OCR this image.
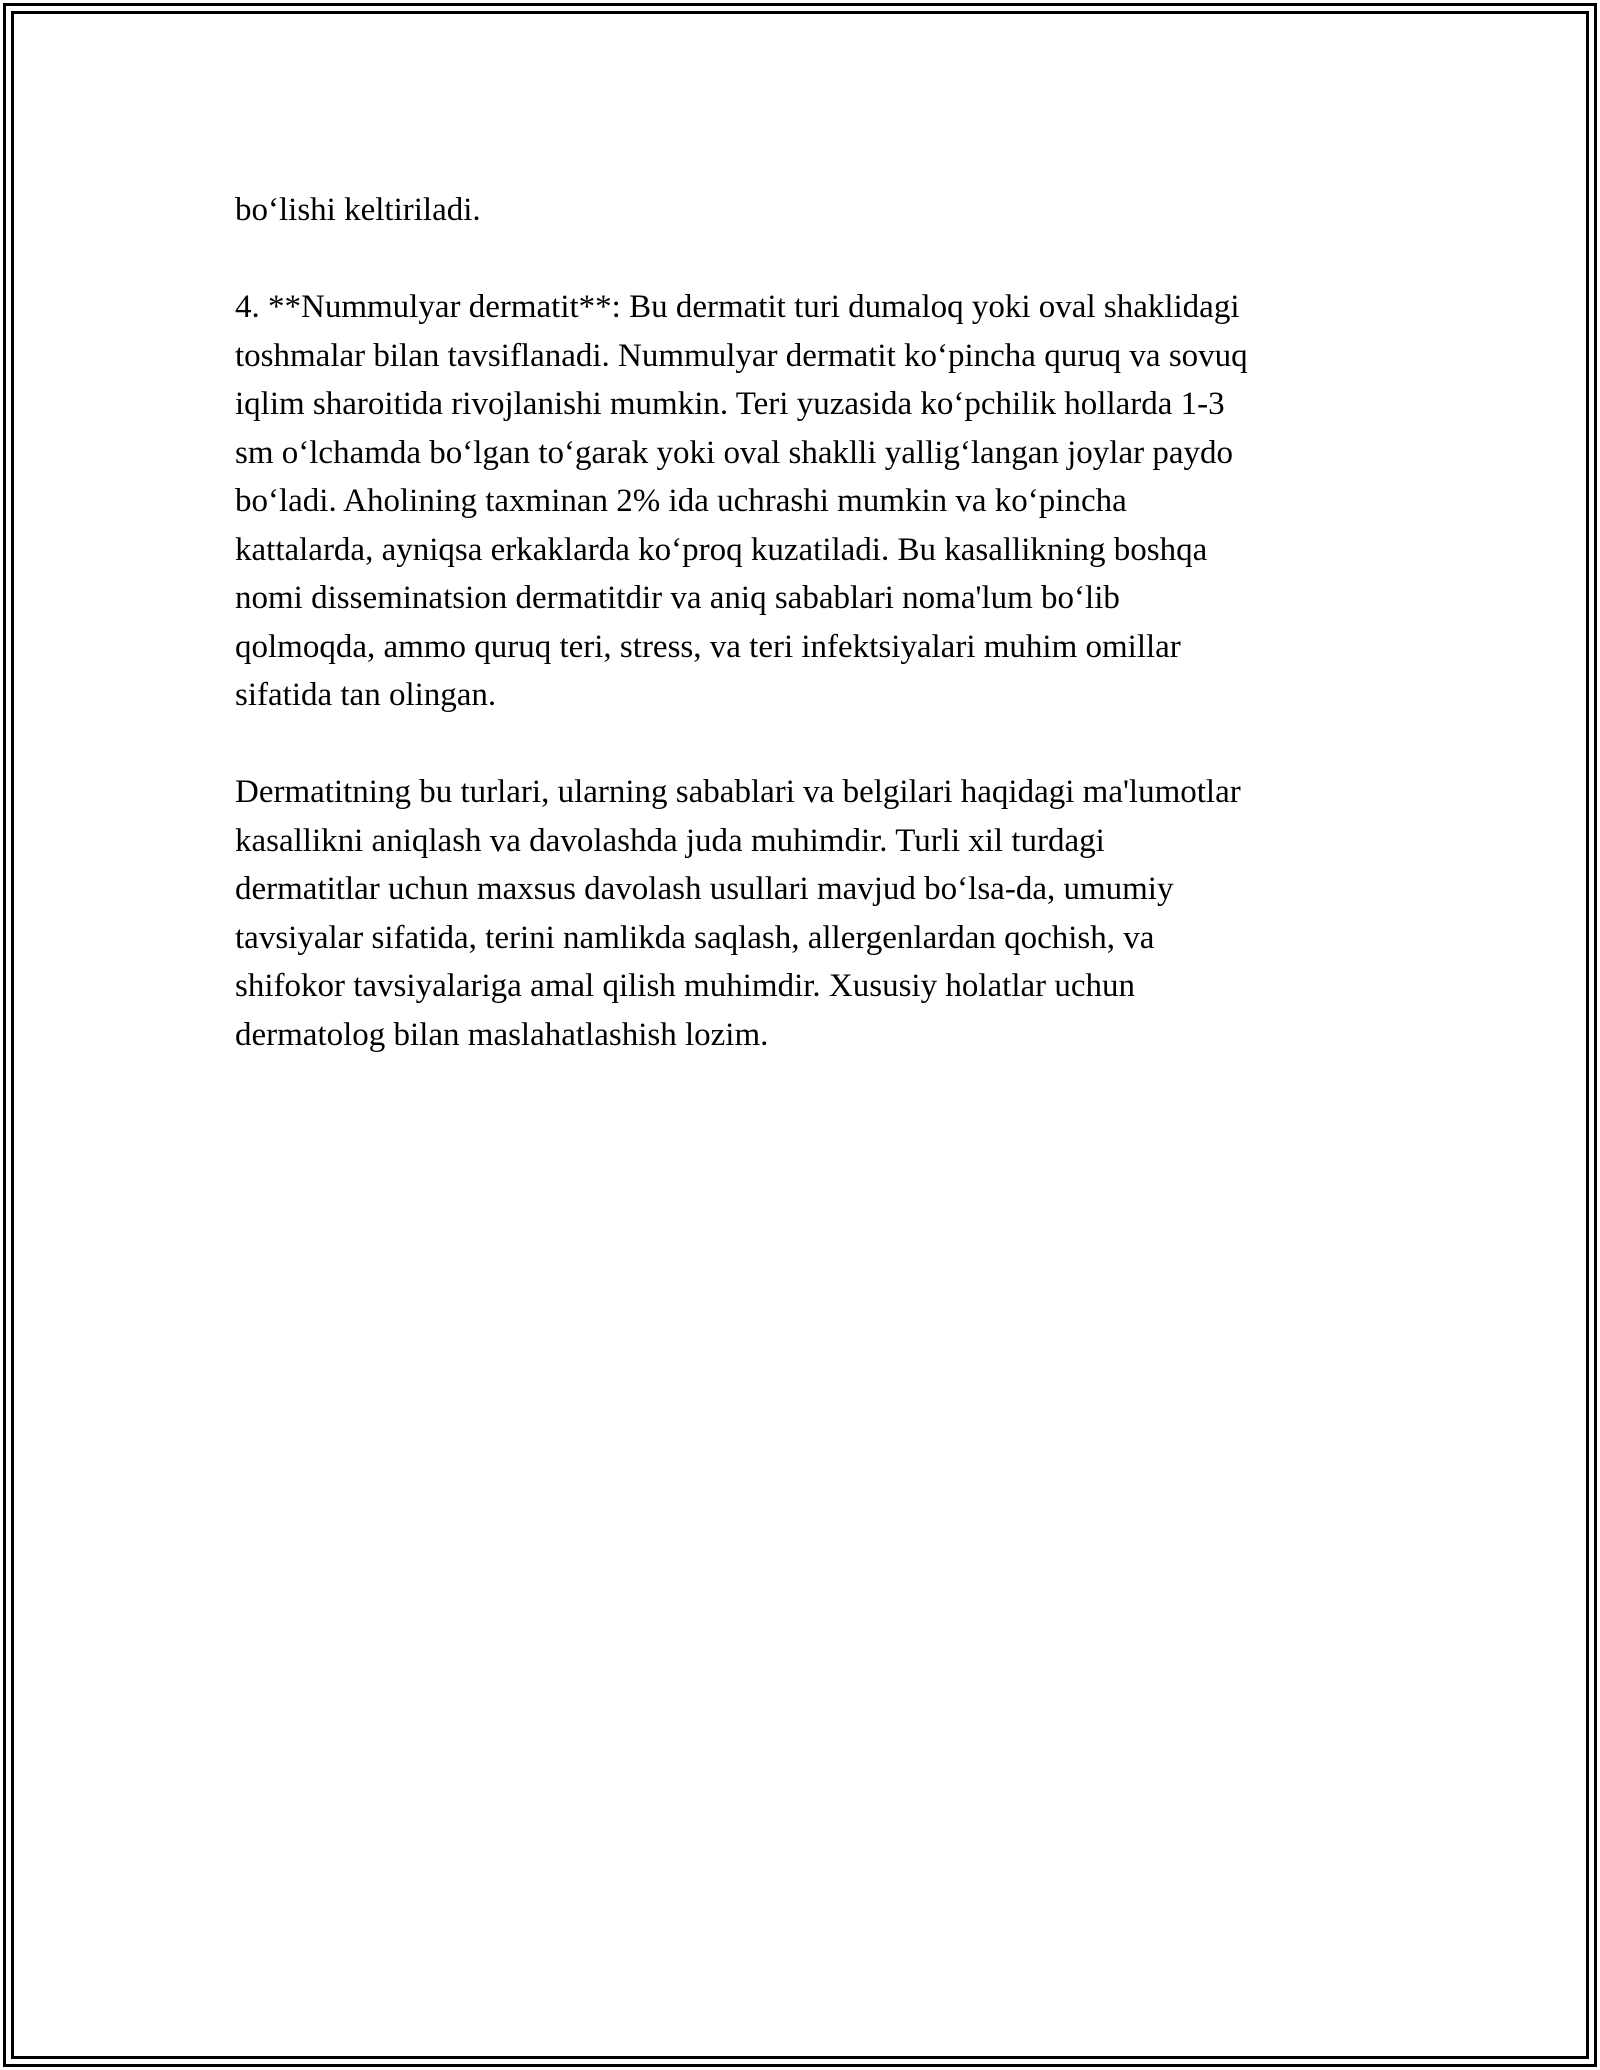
bo‘lishi keltiriladi.

4. **Nummulyar dermatit**: Bu dermatit turi dumaloq yoki oval shaklidagi
toshmalar bilan tavsiflanadi. Nummulyar dermatit ko‘pincha quruq va sovuq
iqlim sharoitida rivojlanishi mumkin. Teri yuzasida ko‘pchilik hollarda 1-3
sm o‘lchamda bo‘lgan to‘garak yoki oval shaklli yallig‘langan joylar paydo
bo‘ladi. Aholining taxminan 2% ida uchrashi mumkin va ko‘pincha
kattalarda, ayniqsa erkaklarda ko‘proq kuzatiladi. Bu kasallikning boshqa
nomi disseminatsion dermatitdir va aniq sabablari noma'lum bo‘lib
qolmoqda, ammo quruq teri, stress, va teri infektsiyalari muhim omillar
sifatida tan olingan.

Dermatitning bu turlari, ularning sabablari va belgilari haqidagi ma'lumotlar
kasallikni aniqlash va davolashda juda muhimdir. Turli xil turdagi
dermatitlar uchun maxsus davolash usullari mavjud bo‘lsa-da, umumiy
tavsiyalar sifatida, terini namlikda saqlash, allergenlardan qochish, va
shifokor tavsiyalariga amal qilish muhimdir. Xususiy holatlar uchun
dermatolog bilan maslahatlashish lozim.
